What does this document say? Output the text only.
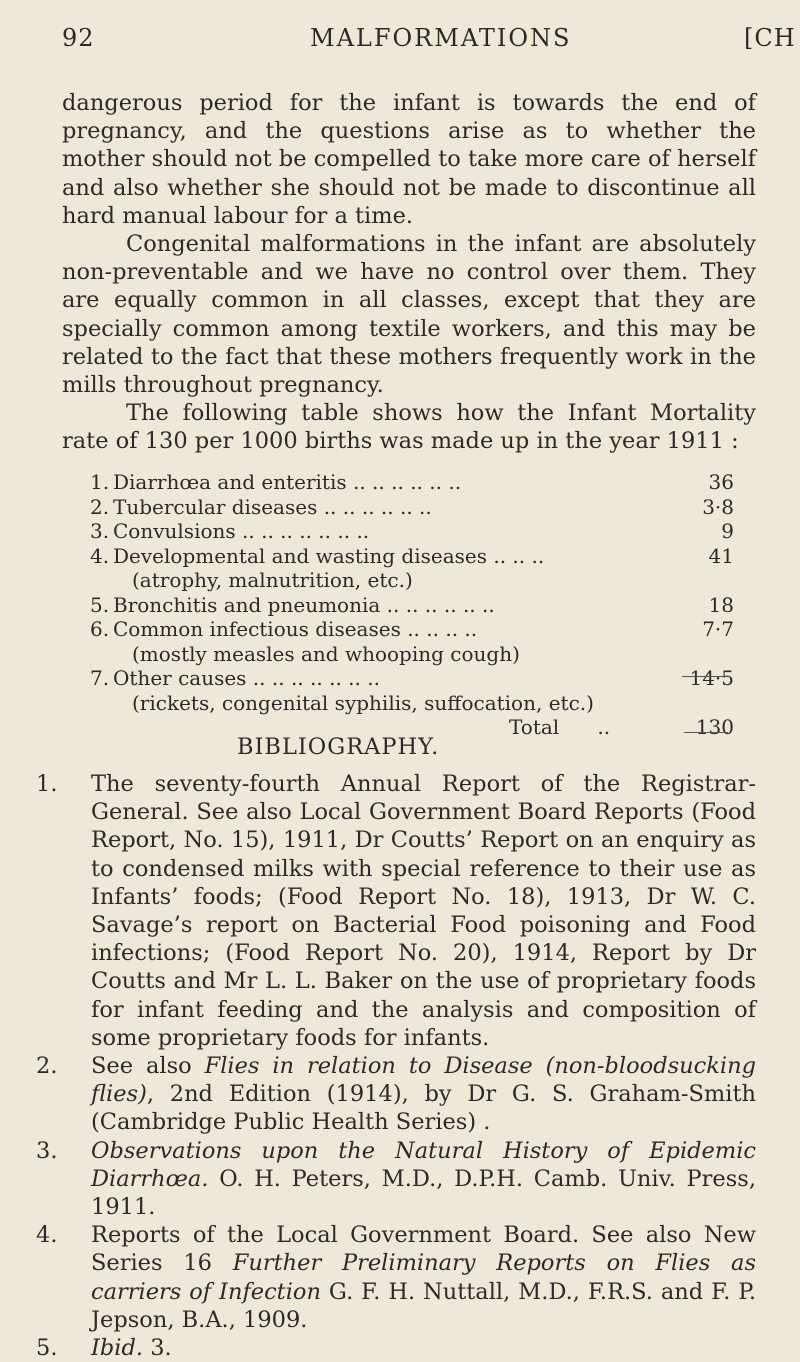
92	MALFORMATIONS	[CH

dangerous period for the infant is towards the end of pregnancy, and the questions arise as to whether the mother should not be compelled to take more care of herself and also whether she should not be made to discontinue all hard manual labour for a time.

Congenital malformations in the infant are absolutely non-preventable and we have no control over them. They are equally common in all classes, except that they are specially common among textile workers, and this may be related to the fact that these mothers frequently work in the mills throughout pregnancy.

The following table shows how the Infant Mortality rate of 130 per 1000 births was made up in the year 1911 :

1. Diarrhœa and enteritis .. .. .. .. .. ..	36
2. Tubercular diseases .. .. .. .. .. ..	3·8
3. Convulsions .. .. .. .. .. .. ..	9
4. Developmental and wasting diseases .. .. ..	41
(atrophy, malnutrition, etc.)
5. Bronchitis and pneumonia .. .. .. .. .. ..	18
6. Common infectious diseases .. .. .. ..	7·7
(mostly measles and whooping cough)
7. Other causes .. .. .. .. .. .. ..	14·5
(rickets, congenital syphilis, suffocation, etc.)
Total ..	130
BIBLIOGRAPHY.
1. The seventy-fourth Annual Report of the Registrar-General. See also Local Government Board Reports (Food Report, No. 15), 1911, Dr Coutts’ Report on an enquiry as to condensed milks with special reference to their use as Infants’ foods; (Food Report No. 18), 1913, Dr W. C. Savage’s report on Bacterial Food poisoning and Food infections; (Food Report No. 20), 1914, Report by Dr Coutts and Mr L. L. Baker on the use of proprietary foods for infant feeding and the analysis and composition of some proprietary foods for infants.
2. See also Flies in relation to Disease (non-bloodsucking flies), 2nd Edition (1914), by Dr G. S. Graham-Smith (Cambridge Public Health Series) .
3. Observations upon the Natural History of Epidemic Diarrhœa. O. H. Peters, M.D., D.P.H. Camb. Univ. Press, 1911.
4. Reports of the Local Government Board. See also New Series 16 Further Preliminary Reports on Flies as carriers of Infection G. F. H. Nuttall, M.D., F.R.S. and F. P. Jepson, B.A., 1909.
5. Ibid. 3.
